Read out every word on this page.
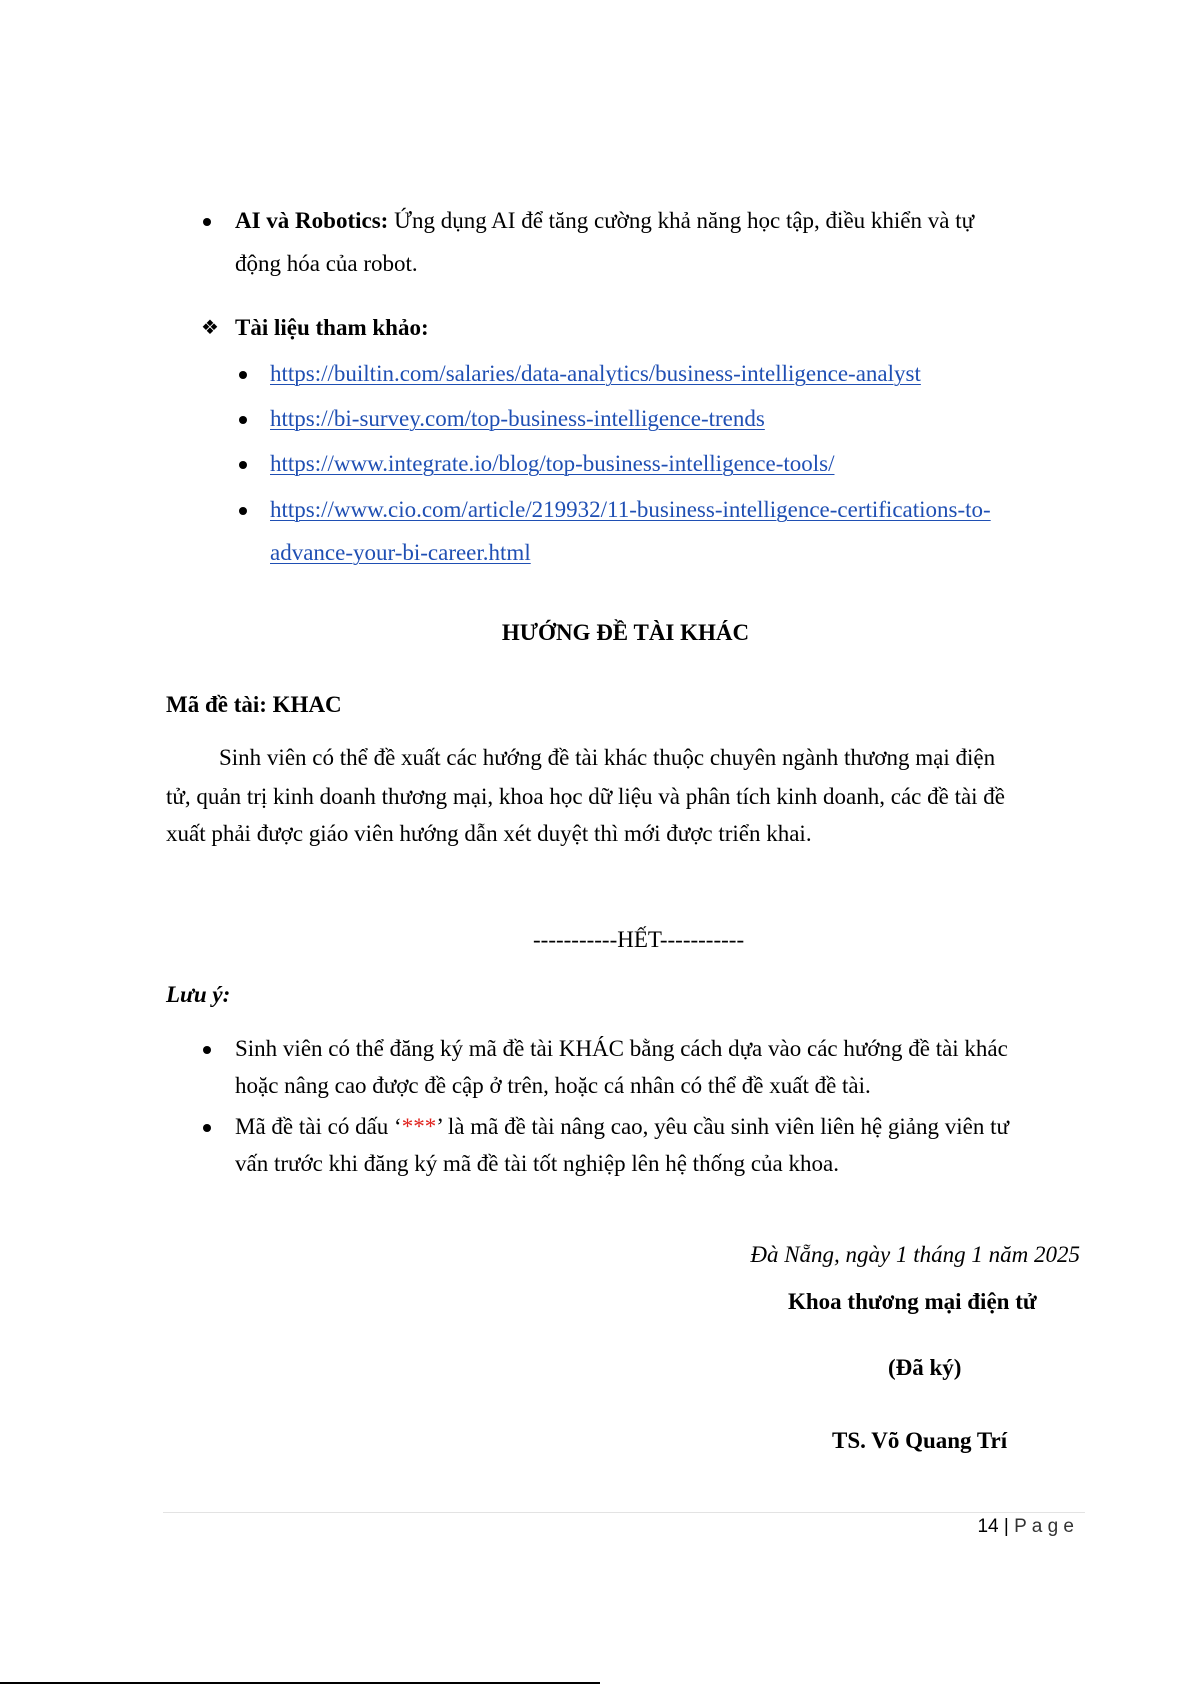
AI và Robotics: Ứng dụng AI để tăng cường khả năng học tập, điều khiển và tự
động hóa của robot.
❖ Tài liệu tham khảo:
https://builtin.com/salaries/data-analytics/business-intelligence-analyst
https://bi-survey.com/top-business-intelligence-trends
https://www.integrate.io/blog/top-business-intelligence-tools/
https://www.cio.com/article/219932/11-business-intelligence-certifications-to-
advance-your-bi-career.html
HƯỚNG ĐỀ TÀI KHÁC
Mã đề tài: KHAC
Sinh viên có thể đề xuất các hướng đề tài khác thuộc chuyên ngành thương mại điện
tử, quản trị kinh doanh thương mại, khoa học dữ liệu và phân tích kinh doanh, các đề tài đề
xuất phải được giáo viên hướng dẫn xét duyệt thì mới được triển khai.
-----------HẾT-----------
Lưu ý:
Sinh viên có thể đăng ký mã đề tài KHÁC bằng cách dựa vào các hướng đề tài khác
hoặc nâng cao được đề cập ở trên, hoặc cá nhân có thể đề xuất đề tài.
Mã đề tài có dấu ‘***’ là mã đề tài nâng cao, yêu cầu sinh viên liên hệ giảng viên tư
vấn trước khi đăng ký mã đề tài tốt nghiệp lên hệ thống của khoa.
Đà Nẵng, ngày 1 tháng 1 năm 2025
Khoa thương mại điện tử
(Đã ký)
TS. Võ Quang Trí
14 | P a g e
